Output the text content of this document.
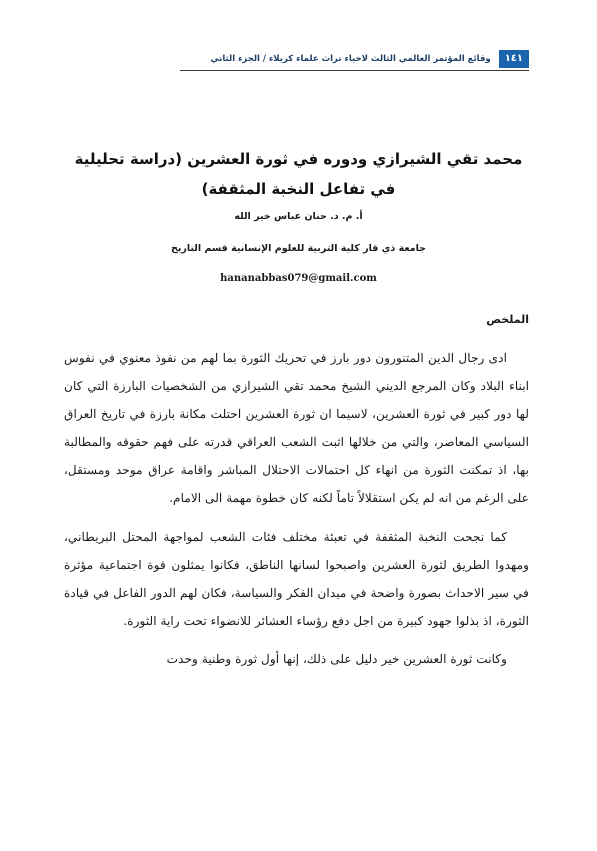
١٤١
وقائع المؤتمر العالمي الثالث لاحياء تراث علماء كربلاء / الجزء الثاني
محمد تقي الشيرازي ودوره في ثورة العشرين (دراسة تحليلية في تفاعل النخبة المثقفة)
أ. م. د. حنان عباس خير الله
جامعة ذي قار كلية التربية للعلوم الإنسانية قسم التاريخ
hananabbas079@gmail.com
الملخص

ادى رجال الدين المتنورون دور بارز في تحريك الثورة بما لهم من نفوذ معنوي في نفوس ابناء البلاد وكان المرجع الديني الشيخ محمد تقي الشيرازي من الشخصيات البارزة التي كان لها دور كبير في ثورة العشرين، لاسيما ان ثورة العشرين احتلت مكانة بارزة في تاريخ العراق السياسي المعاصر، والتي من خلالها اثبت الشعب العراقي قدرته على فهم حقوقه والمطالبة بها، اذ تمكنت الثورة من انهاء كل احتمالات الاحتلال المباشر واقامة عراق موحد ومستقل، على الرغم من انه لم يكن استقلالاً تاماً لكنه كان خطوة مهمة الى الامام.

كما نجحت النخبة المثقفة في تعبئة مختلف فئات الشعب لمواجهة المحتل البريطاني، ومهدوا الطريق لثورة العشرين واصبحوا لسانها الناطق، فكانوا يمثلون قوة اجتماعية مؤثرة في سير الاحداث بصورة واضحة في ميدان الفكر والسياسة، فكان لهم الدور الفاعل في قيادة الثورة، اذ بذلوا جهود كبيرة من اجل دفع رؤساء العشائر للانضواء تحت راية الثورة.

وكانت ثورة العشرين خير دليل على ذلك، إنها أول ثورة وطنية وحدت
